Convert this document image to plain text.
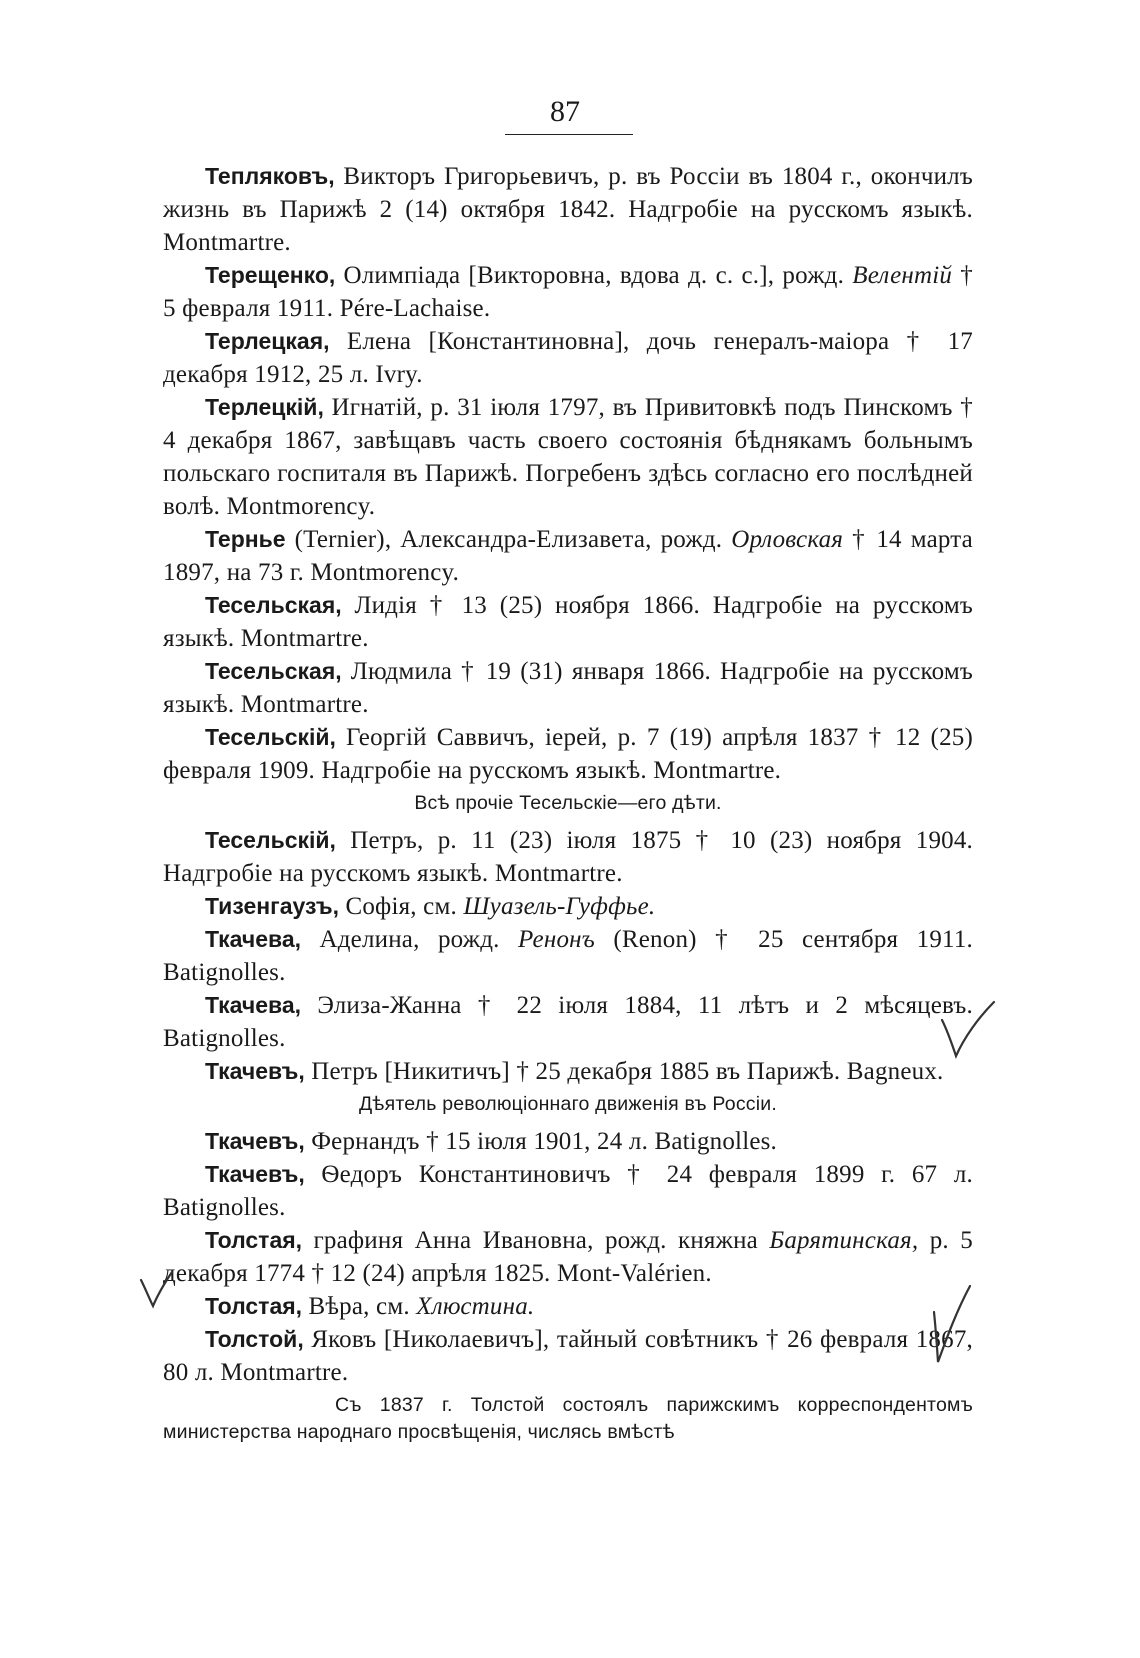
87

Тепляковъ, Викторъ Григорьевичъ, р. въ Россіи въ 1804 г., окончилъ жизнь въ Парижѣ 2 (14) октября 1842. Надгробіе на русскомъ языкѣ. Montmartre.

Терещенко, Олимпіада [Викторовна, вдова д. с. с.], рожд. Велентій † 5 февраля 1911. Pére-Lachaise.

Терлецкая, Елена [Константиновна], дочь генералъ-маіора † 17 декабря 1912, 25 л. Ivry.

Терлецкій, Игнатій, р. 31 іюля 1797, въ Привитовкѣ подъ Пинскомъ † 4 декабря 1867, завѣщавъ часть своего состоянія бѣднякамъ больнымъ польскаго госпиталя въ Парижѣ. Погребенъ здѣсь согласно его послѣдней волѣ. Montmorency.

Терньe (Ternier), Александра-Елизавета, рожд. Орловская † 14 марта 1897, на 73 г. Montmorency.

Тесельская, Лидія † 13 (25) ноября 1866. Надгробіе на русскомъ языкѣ. Montmartre.

Тесельская, Людмила † 19 (31) января 1866. Надгробіе на русскомъ языкѣ. Montmartre.

Тесельскій, Георгій Саввичъ, іерей, р. 7 (19) апрѣля 1837 † 12 (25) февраля 1909. Надгробіе на русскомъ языкѣ. Montmartre.

Всѣ прочіе Тесельскіе—его дѣти.

Тесельскій, Петръ, р. 11 (23) іюля 1875 † 10 (23) ноября 1904. Надгробіе на русскомъ языкѣ. Montmartre.

Тизенгаузъ, Софія, см. Шуазель-Гуффье.

Ткачева, Аделина, рожд. Ренонъ (Renon) † 25 сентября 1911. Batignolles.

Ткачева, Элиза-Жанна † 22 іюля 1884, 11 лѣтъ и 2 мѣсяцевъ. Batignolles.

Ткачевъ, Петръ [Никитичъ] † 25 декабря 1885 въ Парижѣ. Bagneux.

Дѣятель революціоннаго движенія въ Россіи.

Ткачевъ, Фернандъ † 15 іюля 1901, 24 л. Batignolles.

Ткачевъ, Ѳедоръ Константиновичъ † 24 февраля 1899 г. 67 л. Batignolles.

Толстая, графиня Анна Ивановна, рожд. княжна Барятинская, р. 5 декабря 1774 † 12 (24) апрѣля 1825. Mont-Valérien.

Толстая, Вѣра, см. Хлюстина.

Толстой, Яковъ [Николаевичъ], тайный совѣтникъ † 26 февраля 1867, 80 л. Montmartre.

Съ 1837 г. Толстой состоялъ парижскимъ корреспондентомъ министерства народнаго просвѣщенія, числясь вмѣстѣ
